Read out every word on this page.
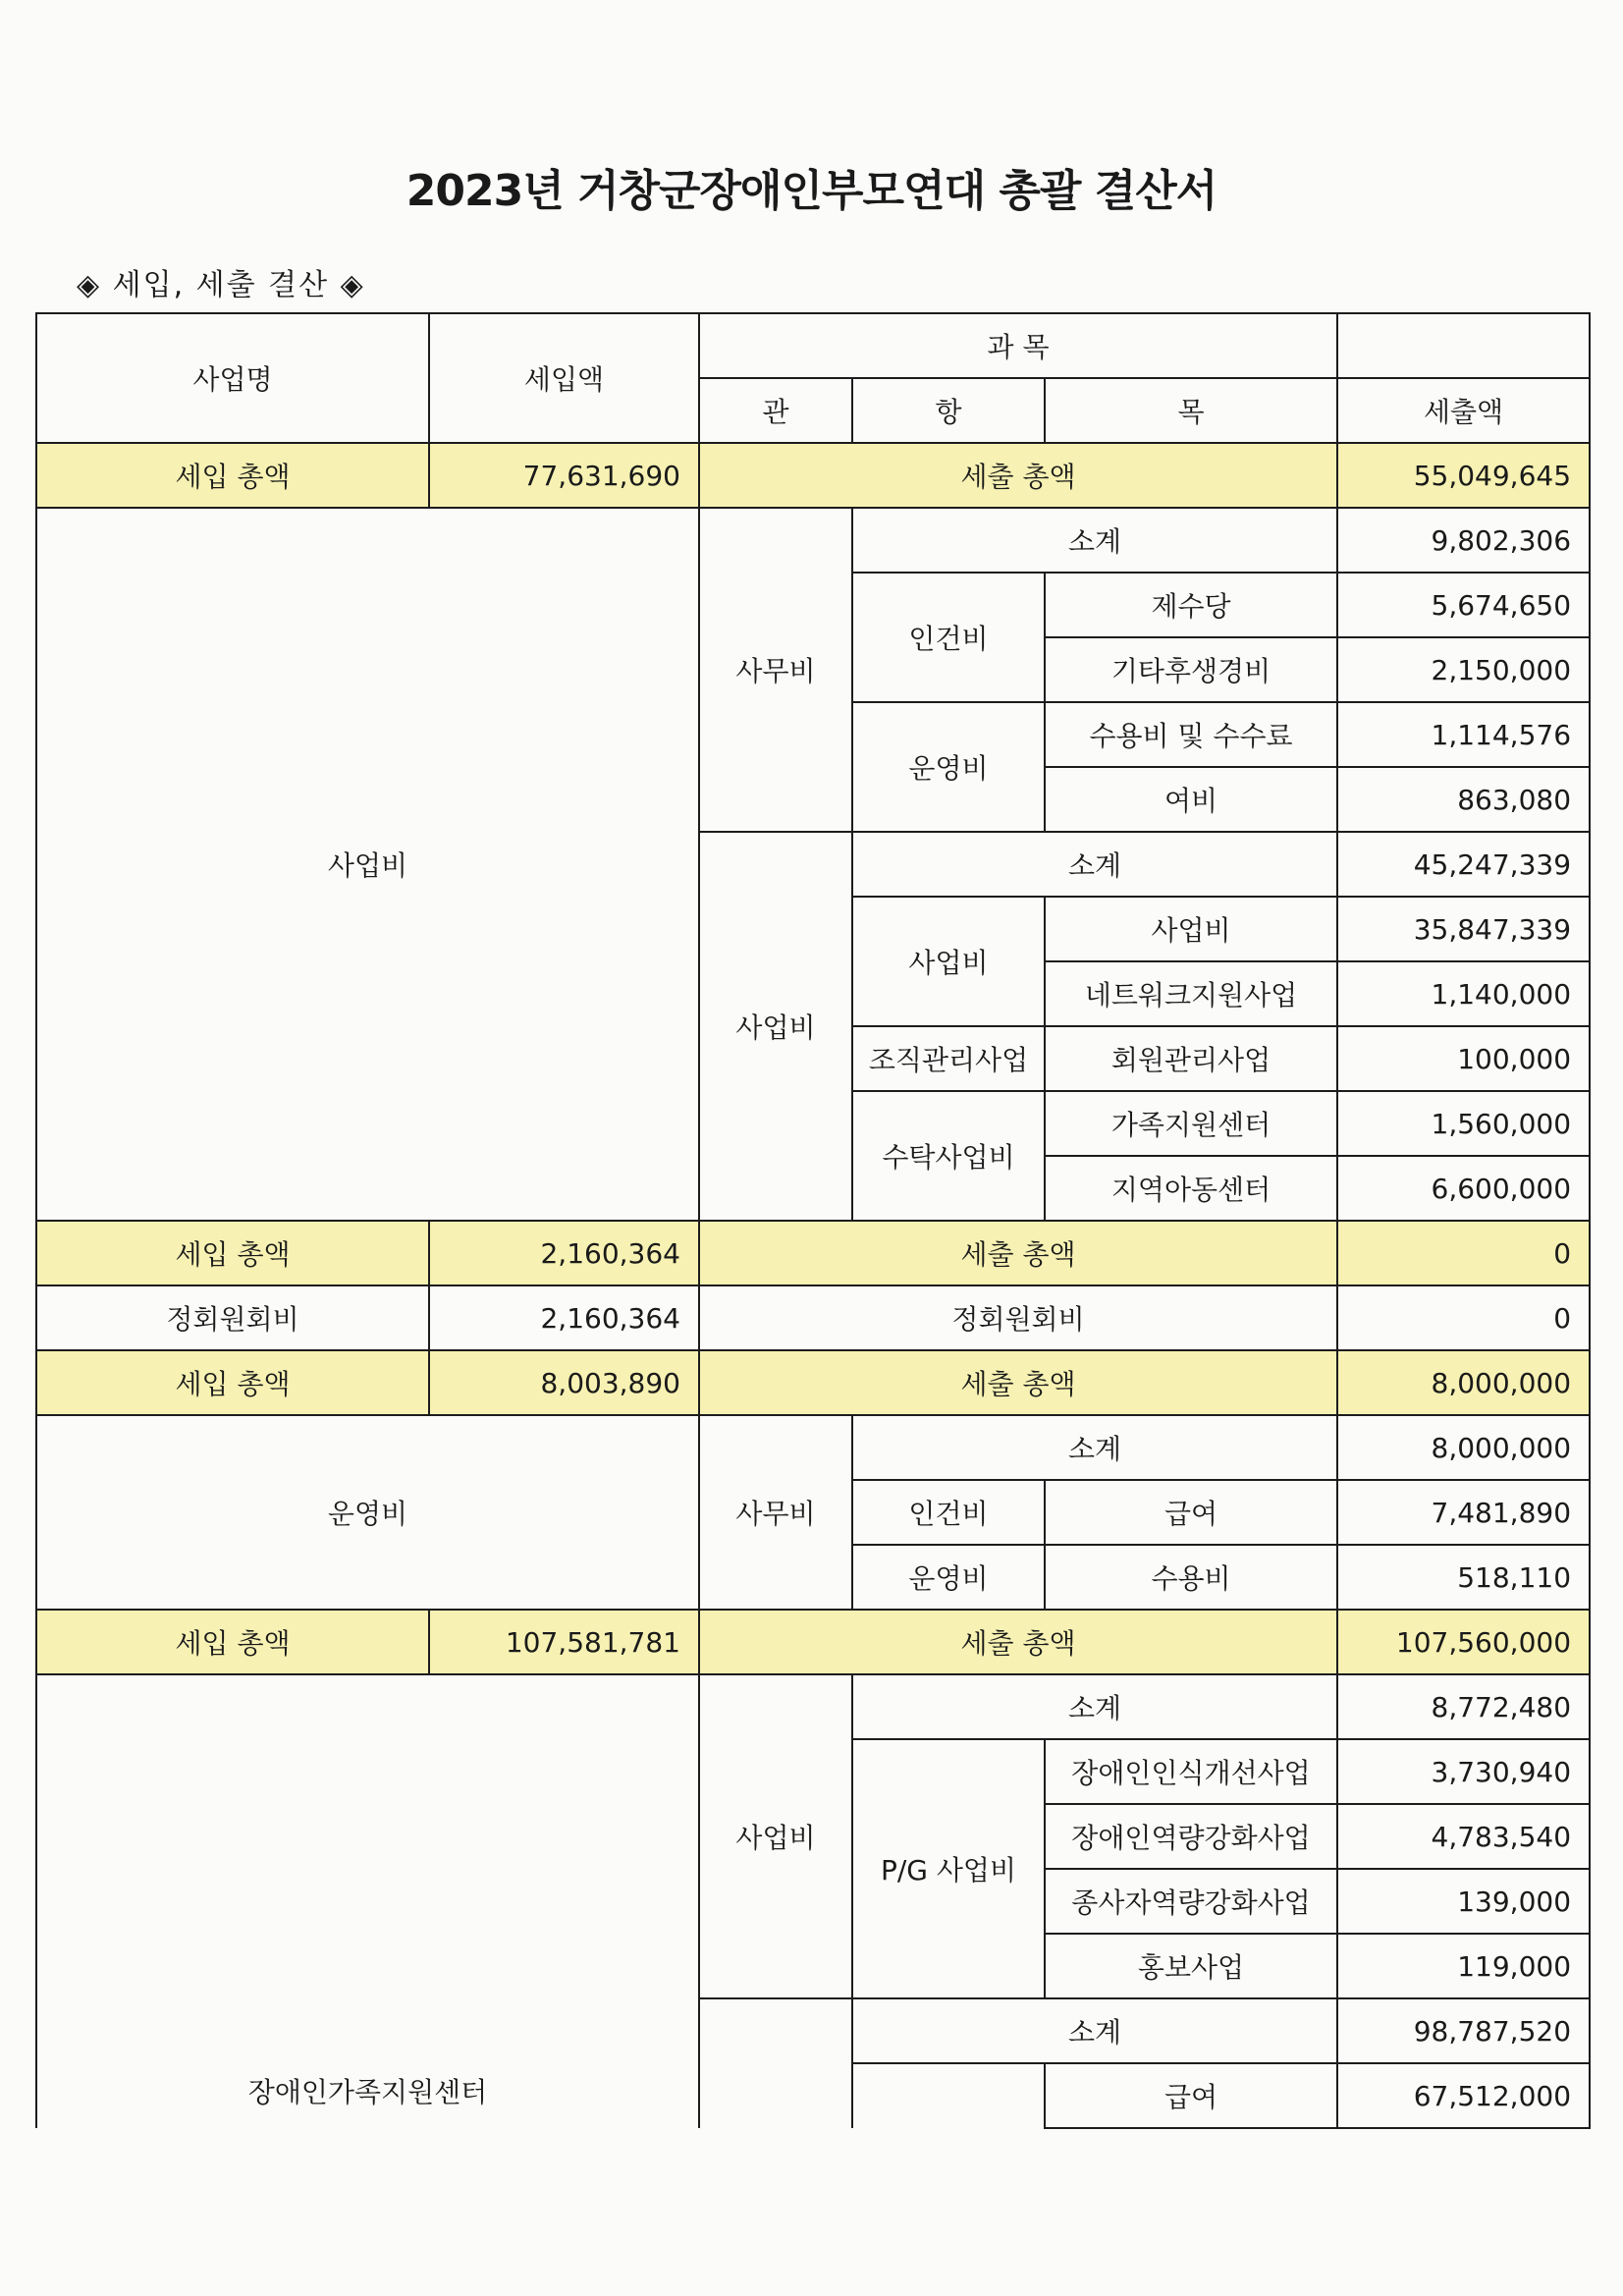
2023년 거창군장애인부모연대 총괄 결산서
◈ 세입, 세출 결산 ◈
사업명	세입액	과 목			
		관	항	목	세출액
세입 총액	77,631,690	세출 총액			55,049,645
사업비		사무비	소계		9,802,306
			인건비	제수당	5,674,650
				기타후생경비	2,150,000
			운영비	수용비 및 수수료	1,114,576
				여비	863,080
		사업비	소계		45,247,339
			사업비	사업비	35,847,339
				네트워크지원사업	1,140,000
			조직관리사업	회원관리사업	100,000
			수탁사업비	가족지원센터	1,560,000
				지역아동센터	6,600,000
세입 총액	2,160,364	세출 총액			0
정회원회비	2,160,364	정회원회비			0
세입 총액	8,003,890	세출 총액			8,000,000
운영비		사무비	소계		8,000,000
			인건비	급여	7,481,890
			운영비	수용비	518,110
세입 총액	107,581,781	세출 총액			107,560,000
장애인가족지원센터		사업비	소계		8,772,480
			P/G 사업비	장애인인식개선사업	3,730,940
				장애인역량강화사업	4,783,540
				종사자역량강화사업	139,000
				홍보사업	119,000
			소계		98,787,520
				급여	67,512,000
